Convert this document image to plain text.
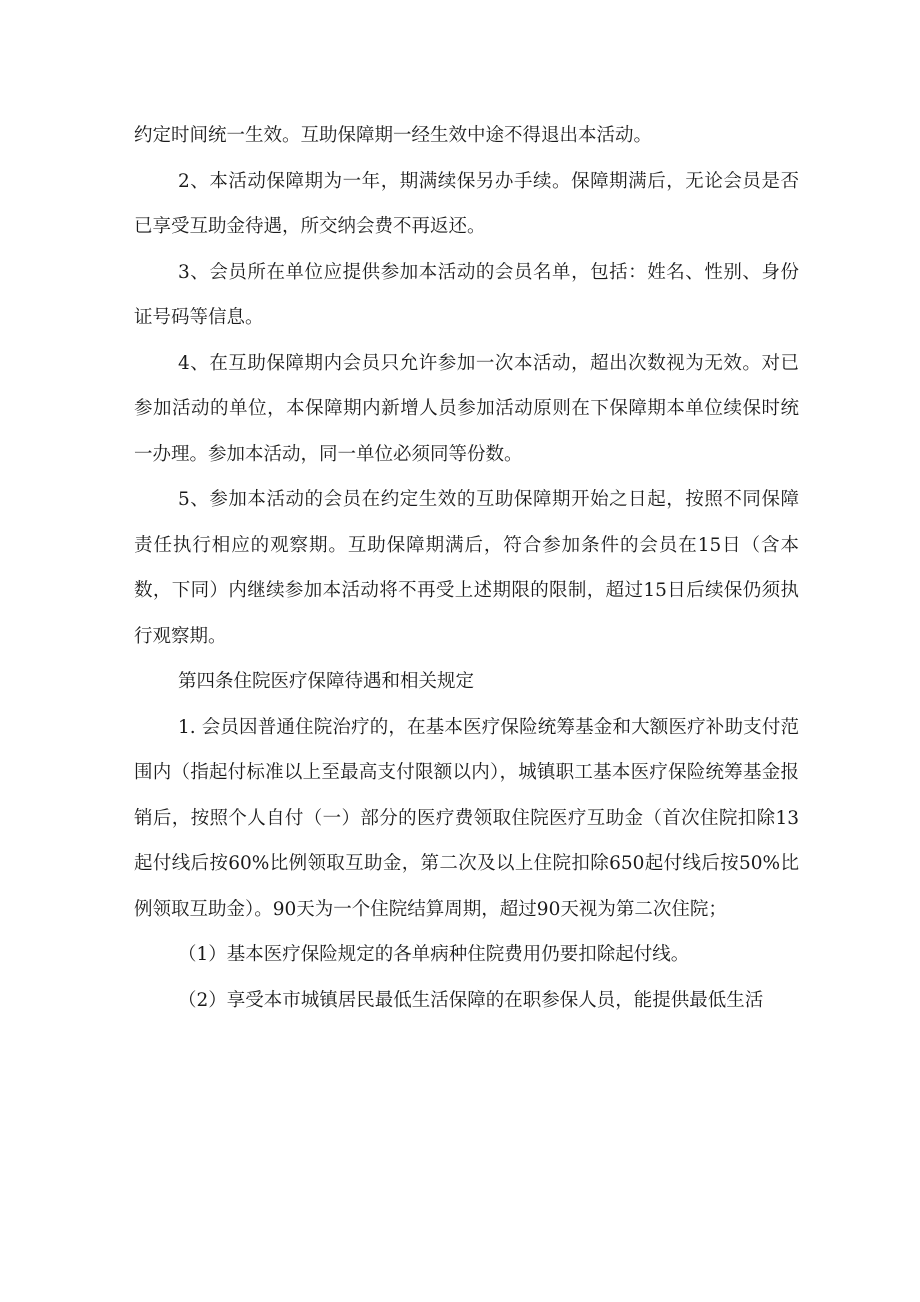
约定时间统一生效。互助保障期一经生效中途不得退出本活动。

2、本活动保障期为一年，期满续保另办手续。保障期满后，无论会员是否已享受互助金待遇，所交纳会费不再返还。

3、会员所在单位应提供参加本活动的会员名单，包括：姓名、性别、身份证号码等信息。

4、在互助保障期内会员只允许参加一次本活动，超出次数视为无效。对已参加活动的单位，本保障期内新增人员参加活动原则在下保障期本单位续保时统一办理。参加本活动，同一单位必须同等份数。

5、参加本活动的会员在约定生效的互助保障期开始之日起，按照不同保障责任执行相应的观察期。互助保障期满后，符合参加条件的会员在15日（含本数，下同）内继续参加本活动将不再受上述期限的限制，超过15日后续保仍须执行观察期。

第四条住院医疗保障待遇和相关规定

1. 会员因普通住院治疗的，在基本医疗保险统筹基金和大额医疗补助支付范围内（指起付标准以上至最高支付限额以内），城镇职工基本医疗保险统筹基金报销后，按照个人自付（一）部分的医疗费领取住院医疗互助金（首次住院扣除13起付线后按60%比例领取互助金，第二次及以上住院扣除650起付线后按50%比例领取互助金）。90天为一个住院结算周期，超过90天视为第二次住院；

（1）基本医疗保险规定的各单病种住院费用仍要扣除起付线。

（2）享受本市城镇居民最低生活保障的在职参保人员，能提供最低生活
